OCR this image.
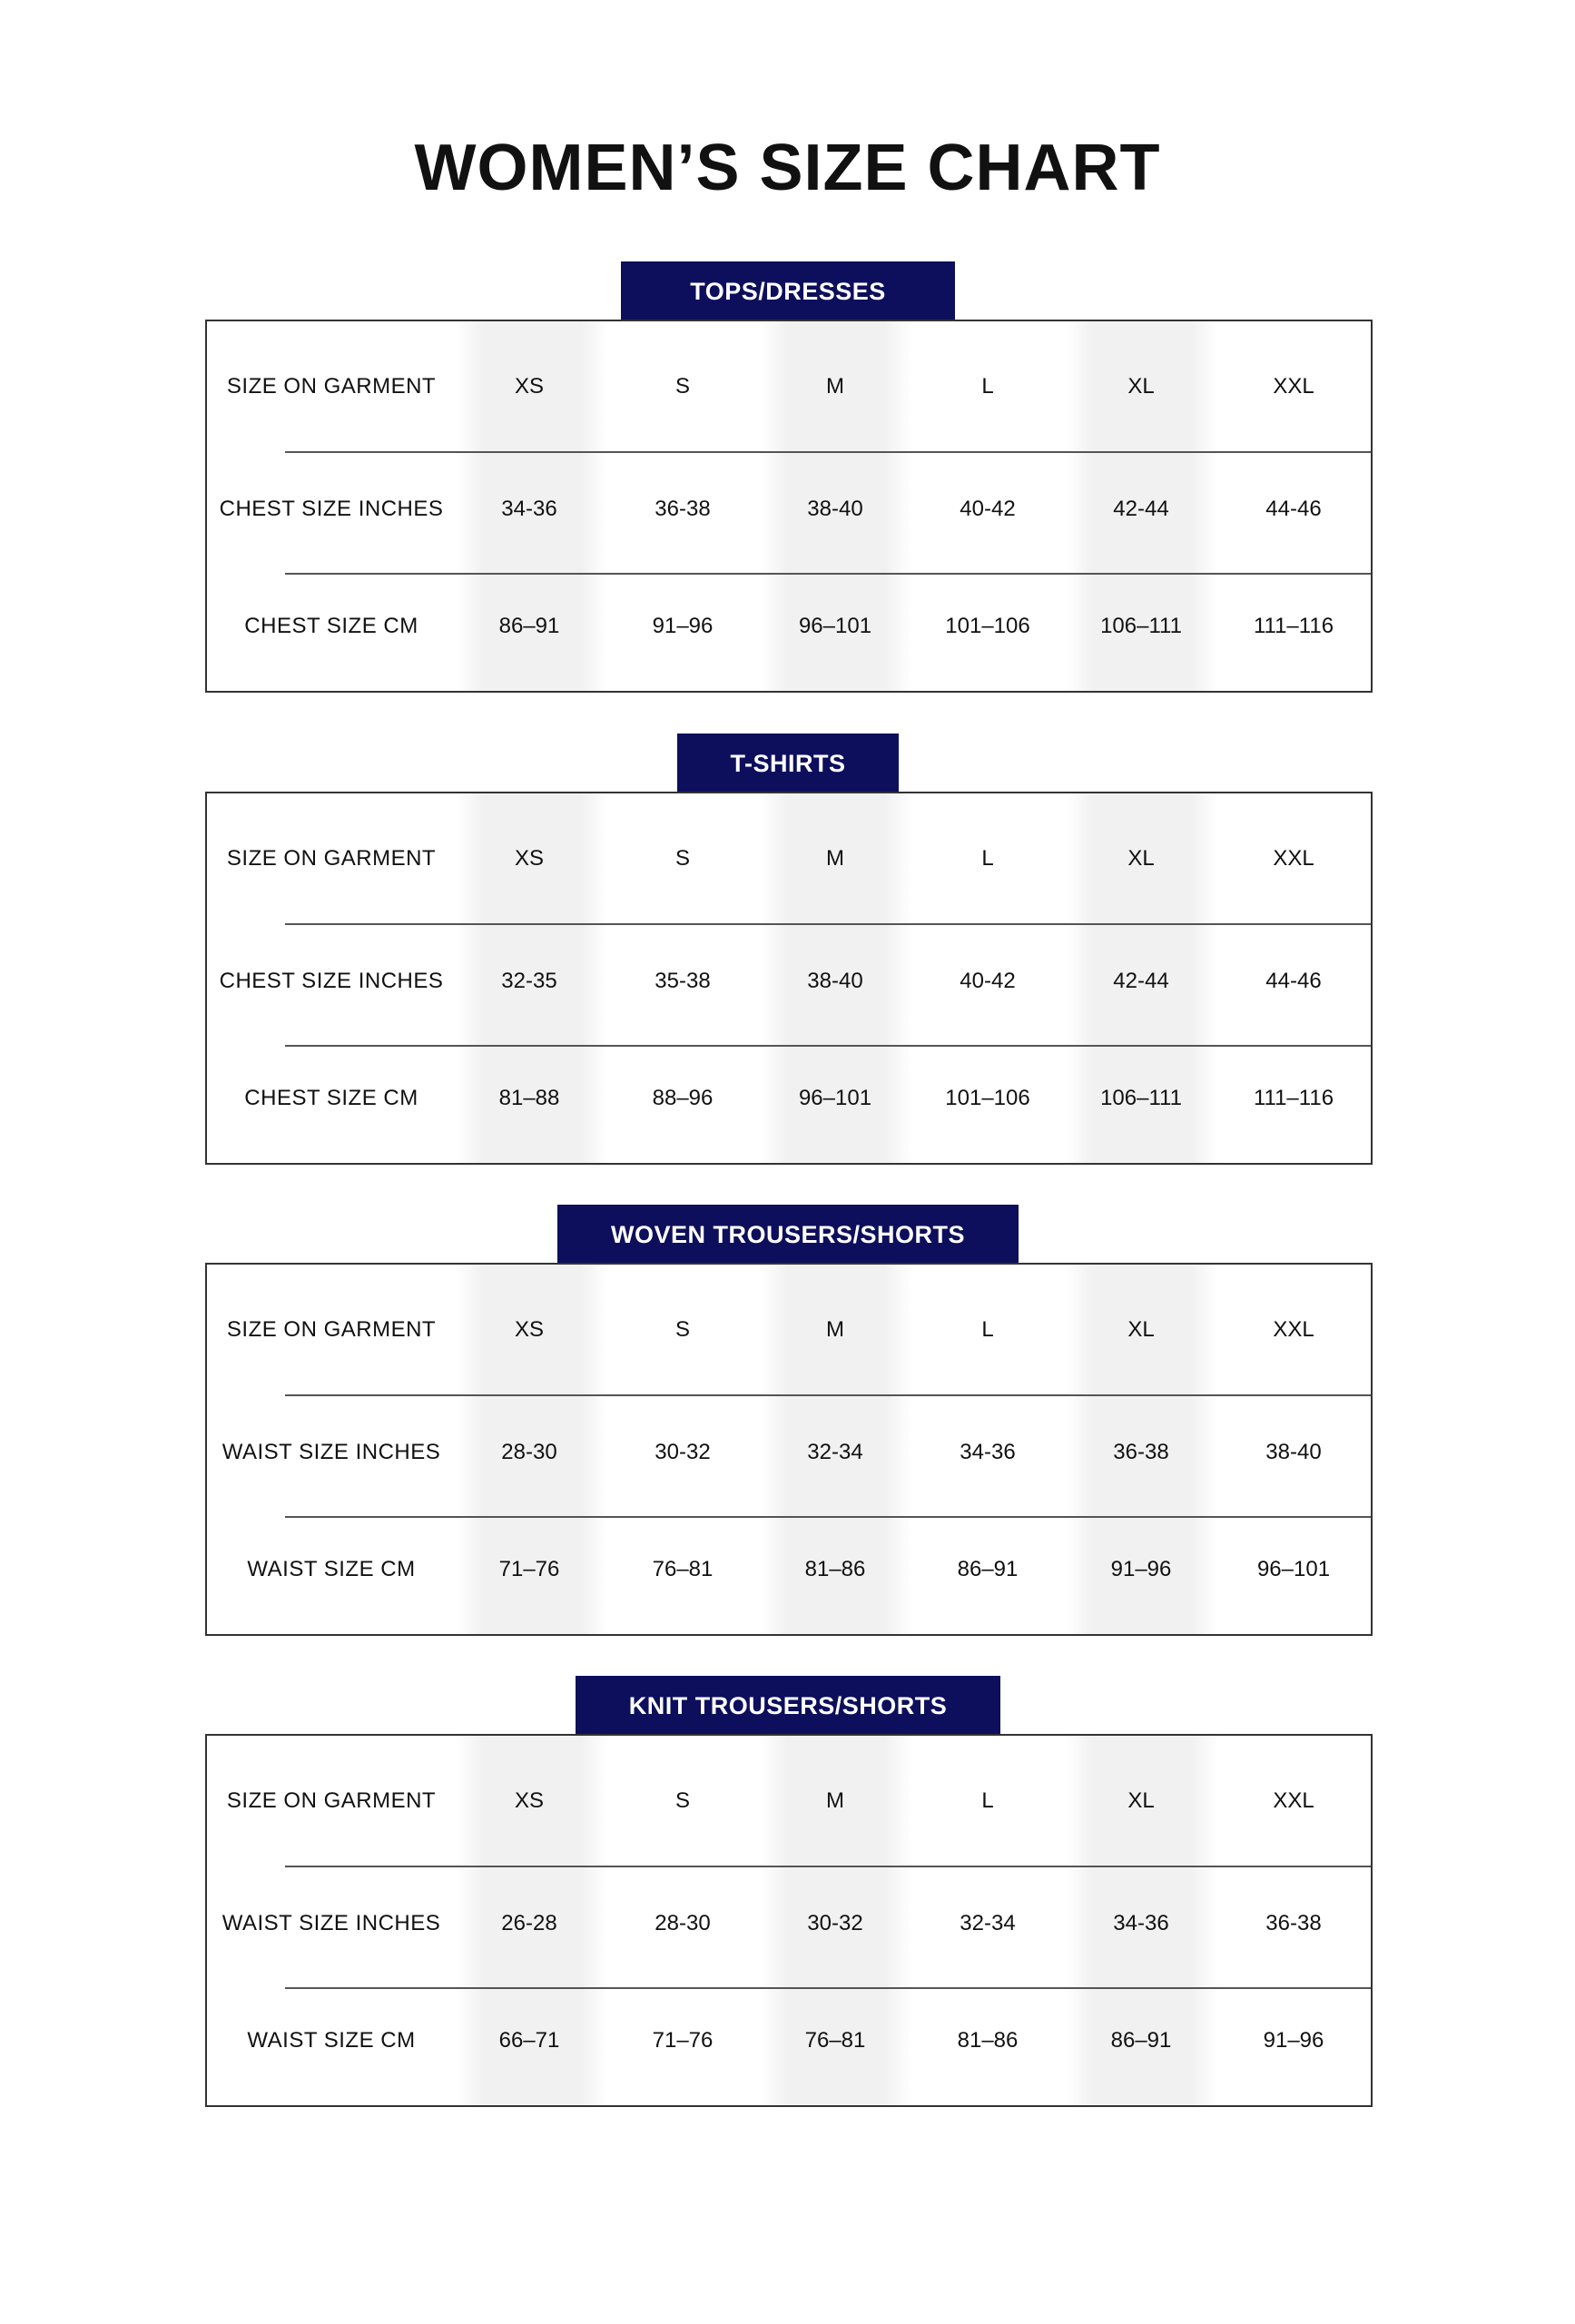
WOMEN’S SIZE CHART
TOPS/DRESSES
SIZE ON GARMENT	XS	S	M	L	XL	XXL
CHEST SIZE INCHES	34-36	36-38	38-40	40-42	42-44	44-46
CHEST SIZE CM	86–91	91–96	96–101	101–106	106–111	111–116
T-SHIRTS
SIZE ON GARMENT	XS	S	M	L	XL	XXL
CHEST SIZE INCHES	32-35	35-38	38-40	40-42	42-44	44-46
CHEST SIZE CM	81–88	88–96	96–101	101–106	106–111	111–116
WOVEN TROUSERS/SHORTS
SIZE ON GARMENT	XS	S	M	L	XL	XXL
WAIST SIZE INCHES	28-30	30-32	32-34	34-36	36-38	38-40
WAIST SIZE CM	71–76	76–81	81–86	86–91	91–96	96–101
KNIT TROUSERS/SHORTS
SIZE ON GARMENT	XS	S	M	L	XL	XXL
WAIST SIZE INCHES	26-28	28-30	30-32	32-34	34-36	36-38
WAIST SIZE CM	66–71	71–76	76–81	81–86	86–91	91–96
